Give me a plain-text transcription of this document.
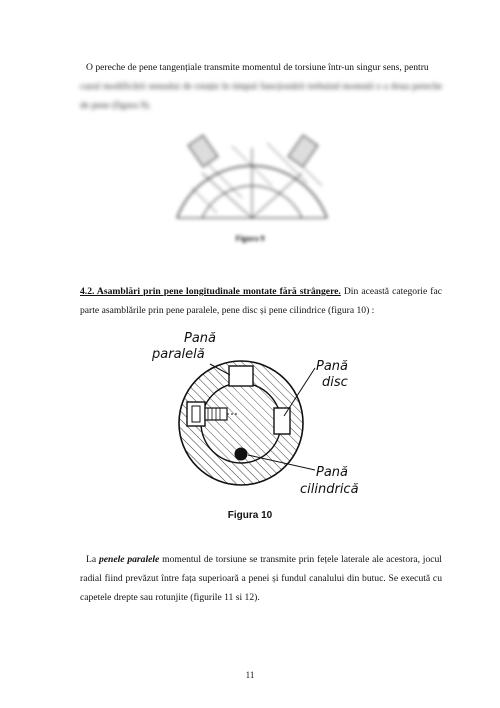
O pereche de pene tangențiale transmite momentul de torsiune într-un singur sens, pentru

cazul modificării sensului de rotație în timpul funcționării trebuind montată o a doua pereche de pene (figura 9).

Figura 9

4.2. Asamblări prin pene longitudinale montate fără strângere. Din această categorie fac parte asamblările prin pene paralele, pene disc și pene cilindrice (figura 10) :

Pană
paralelă
Pană
disc
Pană
cilindrică
Figura 10

La penele paralele momentul de torsiune se transmite prin fețele laterale ale acestora, jocul radial fiind prevăzut între fața superioară a penei și fundul canalului din butuc. Se execută cu capetele drepte sau rotunjite (figurile 11 si 12).

11
